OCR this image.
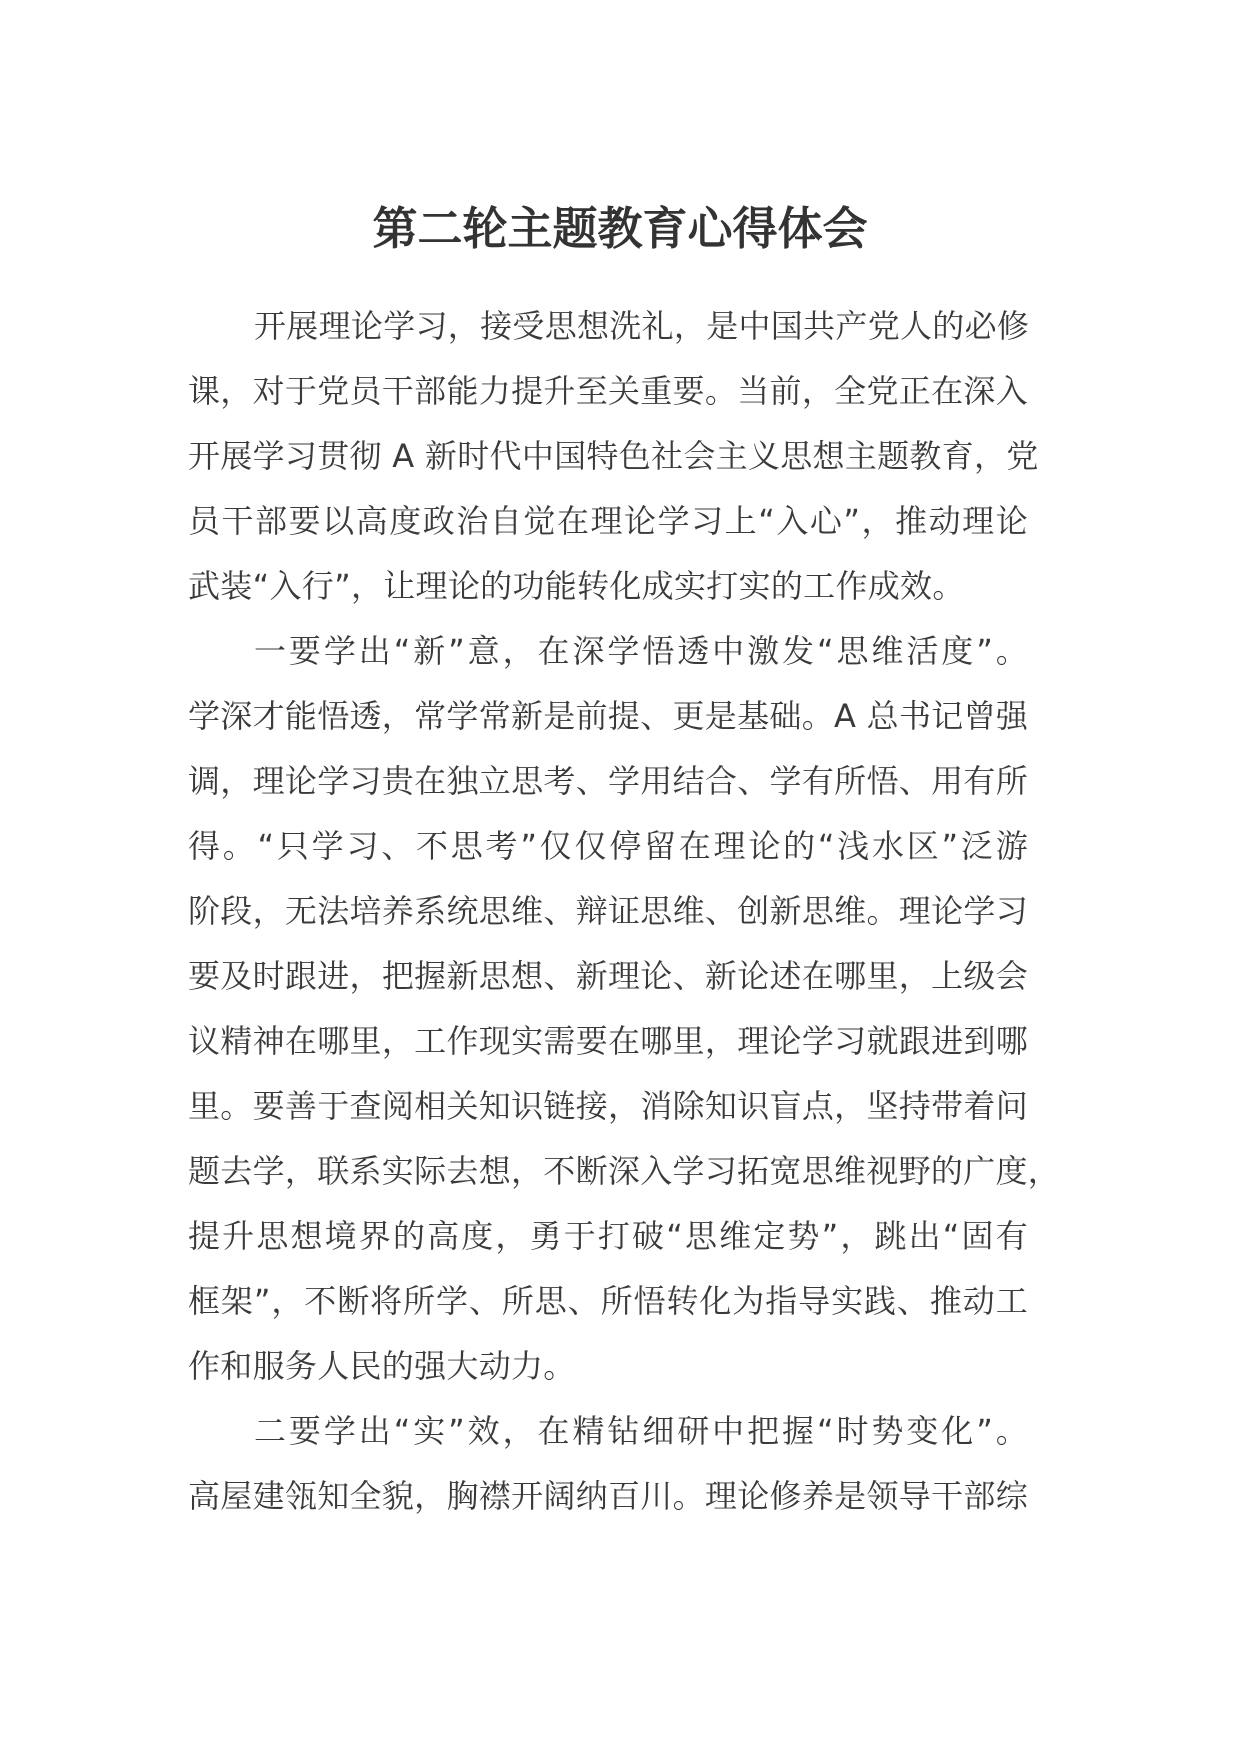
第二轮主题教育心得体会
开展理论学习，接受思想洗礼，是中国共产党人的必修
课，对于党员干部能力提升至关重要。当前，全党正在深入
开展学习贯彻 A 新时代中国特色社会主义思想主题教育，党
员干部要以高度政治自觉在理论学习上“入心”，推动理论
武装“入行”，让理论的功能转化成实打实的工作成效。
一要学出“新”意，在深学悟透中激发“思维活度”。
学深才能悟透，常学常新是前提、更是基础。A 总书记曾强
调，理论学习贵在独立思考、学用结合、学有所悟、用有所
得。“只学习、不思考”仅仅停留在理论的“浅水区”泛游
阶段，无法培养系统思维、辩证思维、创新思维。理论学习
要及时跟进，把握新思想、新理论、新论述在哪里，上级会
议精神在哪里，工作现实需要在哪里，理论学习就跟进到哪
里。要善于查阅相关知识链接，消除知识盲点，坚持带着问
题去学，联系实际去想，不断深入学习拓宽思维视野的广度，
提升思想境界的高度，勇于打破“思维定势”，跳出“固有
框架”，不断将所学、所思、所悟转化为指导实践、推动工
作和服务人民的强大动力。
二要学出“实”效，在精钻细研中把握“时势变化”。
高屋建瓴知全貌，胸襟开阔纳百川。理论修养是领导干部综
